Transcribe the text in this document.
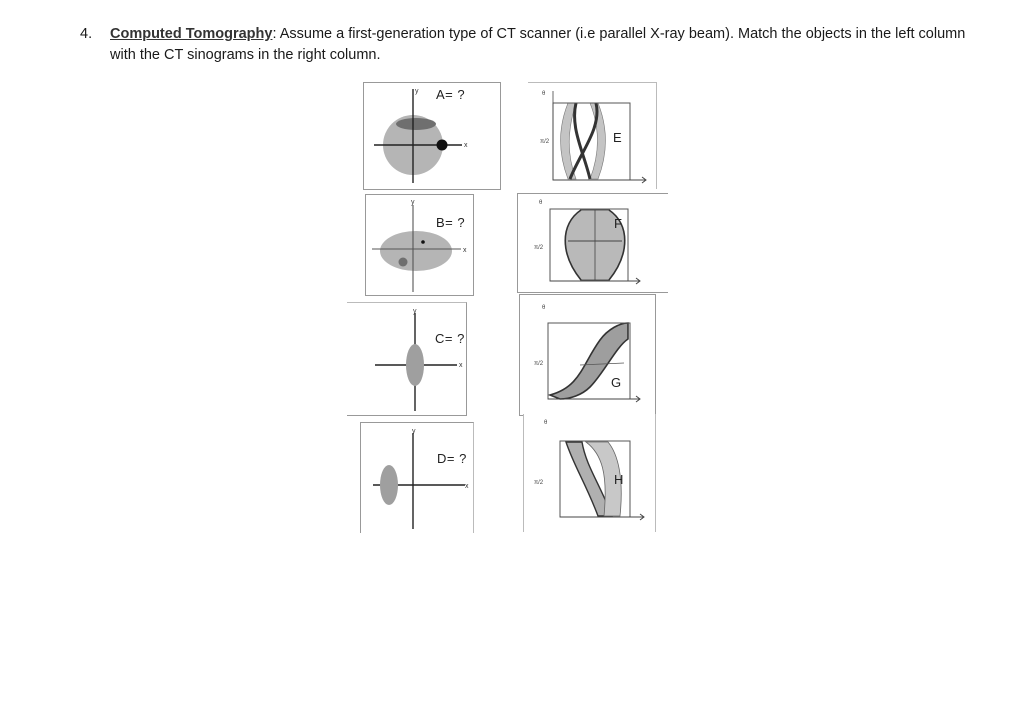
4. Computed Tomography: Assume a first-generation type of CT scanner (i.e parallel X-ray beam). Match the objects in the left column with the CT sinograms in the right column.
y
x
A= ?
y
x
B= ?
y
x
C= ?
y
x
D= ?
θ
π/2	E
θ
π/2
F
θ
π/2
G
θ
π/2	H
